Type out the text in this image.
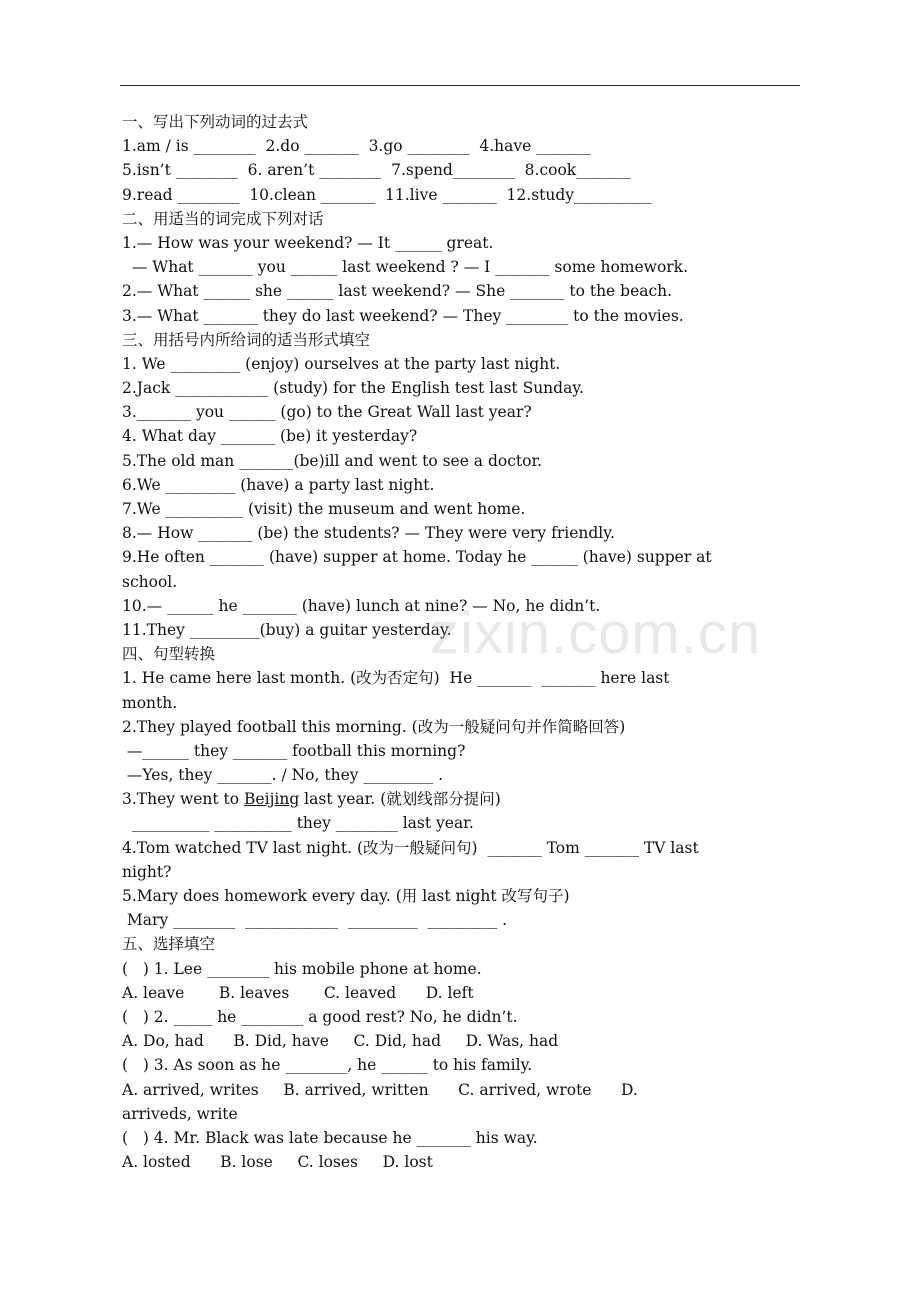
一、写出下列动词的过去式
1.am / is ________  2.do _______  3.go ________  4.have _______
5.isn’t ________  6. aren’t ________  7.spend________  8.cook_______
9.read ________  10.clean _______  11.live _______  12.study__________
二、用适当的词完成下列对话
1.— How was your weekend? — It ______ great.
— What _______ you ______ last weekend ? — I _______ some homework.
2.— What ______ she ______ last weekend? — She _______ to the beach.
3.— What _______ they do last weekend? — They ________ to the movies.
三、用括号内所给词的适当形式填空
1. We _________ (enjoy) ourselves at the party last night.
2.Jack ____________ (study) for the English test last Sunday.
3._______ you ______ (go) to the Great Wall last year?
4. What day _______ (be) it yesterday?
5.The old man _______(be)ill and went to see a doctor.
6.We _________ (have) a party last night.
7.We __________ (visit) the museum and went home.
8.— How _______ (be) the students? — They were very friendly.
9.He often _______ (have) supper at home. Today he ______ (have) supper at
school.
10.— ______ he _______ (have) lunch at nine? — No, he didn’t.
11.They _________(buy) a guitar yesterday.
四、句型转换
1. He came here last month. (改为否定句)  He _______  _______ here last
month.
2.They played football this morning. (改为一般疑问句并作简略回答)
—______ they _______ football this morning?
—Yes, they _______. / No, they _________ .
3.They went to Beijing last year. (就划线部分提问)
__________ __________ they ________ last year.
4.Tom watched TV last night. (改为一般疑问句)  _______ Tom _______ TV last
night?
5.Mary does homework every day. (用 last night 改写句子)
Mary ________  ____________  _________  _________ .
五、选择填空
(   ) 1. Lee ________ his mobile phone at home.
A. leave       B. leaves       C. leaved      D. left
(   ) 2. _____ he ________ a good rest? No, he didn’t.
A. Do, had      B. Did, have     C. Did, had     D. Was, had
(   ) 3. As soon as he ________, he ______ to his family.
A. arrived, writes     B. arrived, written      C. arrived, wrote      D.
arriveds, write
(   ) 4. Mr. Black was late because he _______ his way.
A. losted      B. lose     C. loses     D. lost
zixin.com.cn
